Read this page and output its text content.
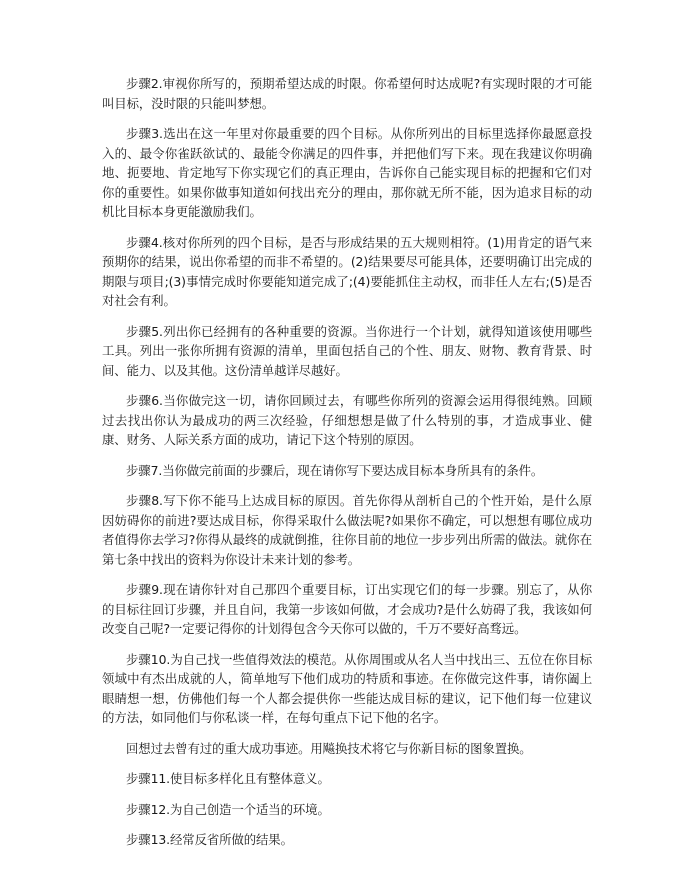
步骤2.审视你所写的，预期希望达成的时限。你希望何时达成呢?有实现时限的才可能叫目标，没时限的只能叫梦想。

步骤3.选出在这一年里对你最重要的四个目标。从你所列出的目标里选择你最愿意投入的、最令你雀跃欲试的、最能令你满足的四件事，并把他们写下来。现在我建议你明确地、扼要地、肯定地写下你实现它们的真正理由，告诉你自己能实现目标的把握和它们对你的重要性。如果你做事知道如何找出充分的理由，那你就无所不能，因为追求目标的动机比目标本身更能激励我们。

步骤4.核对你所列的四个目标，是否与形成结果的五大规则相符。(1)用肯定的语气来预期你的结果，说出你希望的而非不希望的。(2)结果要尽可能具体，还要明确订出完成的期限与项目;(3)事情完成时你要能知道完成了;(4)要能抓住主动权，而非任人左右;(5)是否对社会有利。

步骤5.列出你已经拥有的各种重要的资源。当你进行一个计划，就得知道该使用哪些工具。列出一张你所拥有资源的清单，里面包括自己的个性、朋友、财物、教育背景、时间、能力、以及其他。这份清单越详尽越好。

步骤6.当你做完这一切，请你回顾过去，有哪些你所列的资源会运用得很纯熟。回顾过去找出你认为最成功的两三次经验，仔细想想是做了什么特别的事，才造成事业、健康、财务、人际关系方面的成功，请记下这个特别的原因。

步骤7.当你做完前面的步骤后，现在请你写下要达成目标本身所具有的条件。

步骤8.写下你不能马上达成目标的原因。首先你得从剖析自己的个性开始，是什么原因妨碍你的前进?要达成目标，你得采取什么做法呢?如果你不确定，可以想想有哪位成功者值得你去学习?你得从最终的成就倒推，往你目前的地位一步步列出所需的做法。就你在第七条中找出的资料为你设计未来计划的参考。

步骤9.现在请你针对自己那四个重要目标，订出实现它们的每一步骤。别忘了，从你的目标往回订步骤，并且自问，我第一步该如何做，才会成功?是什么妨碍了我，我该如何改变自己呢?一定要记得你的计划得包含今天你可以做的，千万不要好高骛远。

步骤10.为自己找一些值得效法的模范。从你周围或从名人当中找出三、五位在你目标领域中有杰出成就的人，简单地写下他们成功的特质和事迹。在你做完这件事，请你阖上眼睛想一想，仿佛他们每一个人都会提供你一些能达成目标的建议，记下他们每一位建议的方法，如同他们与你私谈一样，在每句重点下记下他的名字。

回想过去曾有过的重大成功事迹。用飚换技术将它与你新目标的图象置换。

步骤11.使目标多样化且有整体意义。

步骤12.为自己创造一个适当的环境。

步骤13.经常反省所做的结果。
